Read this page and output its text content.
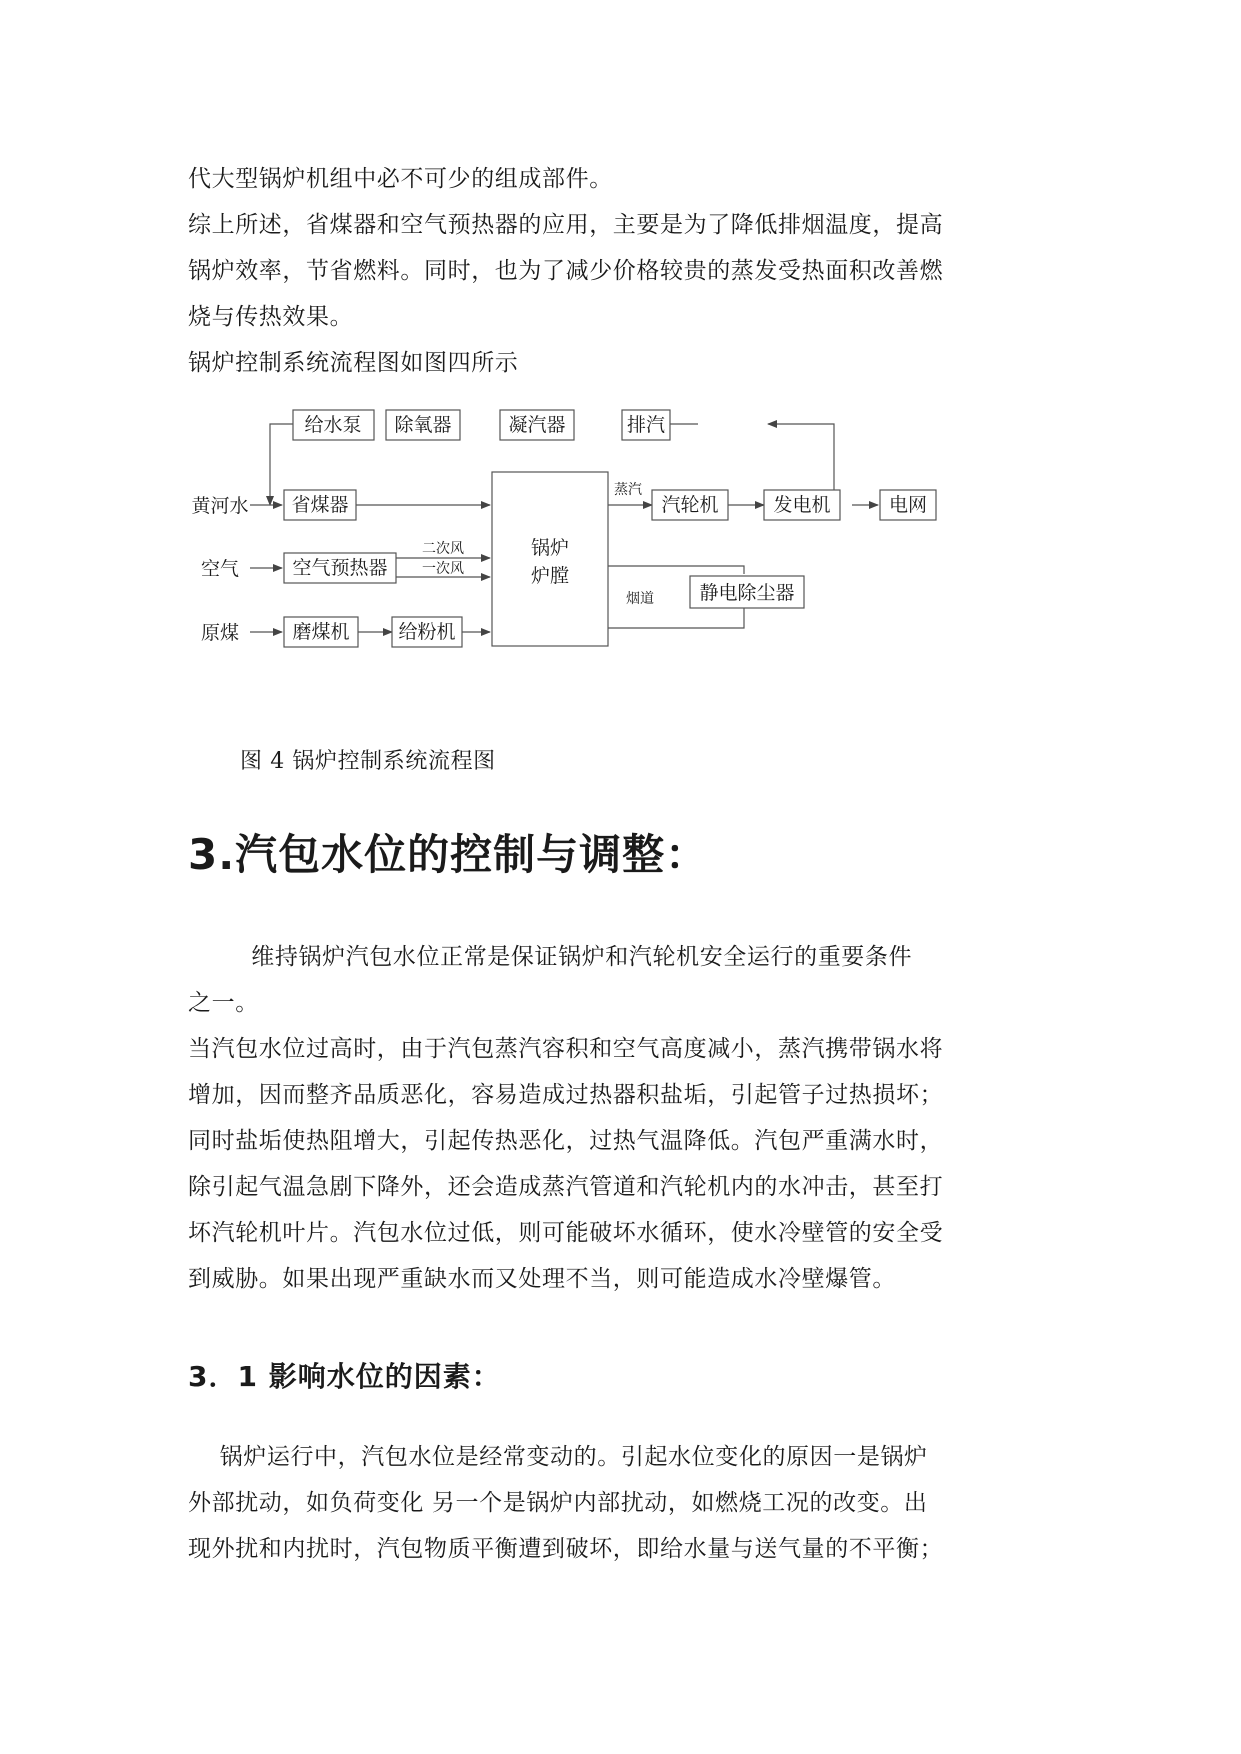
代大型锅炉机组中必不可少的组成部件。
综上所述，省煤器和空气预热器的应用，主要是为了降低排烟温度，提高
锅炉效率，节省燃料。同时，也为了减少价格较贵的蒸发受热面积改善燃
烧与传热效果。
锅炉控制系统流程图如图四所示
给水泵 除氧器	凝汽器	排汽
省煤器
空气预热器
磨煤机	给粉机
锅炉
炉膛
汽轮机	发电机	电网
静电除尘器
黄河水
空气
原煤
蒸汽
二次风
一次风
烟道
图 4 锅炉控制系统流程图
3.汽包水位的控制与调整：
维持锅炉汽包水位正常是保证锅炉和汽轮机安全运行的重要条件
之一。
当汽包水位过高时，由于汽包蒸汽容积和空气高度减小，蒸汽携带锅水将
增加，因而整齐品质恶化，容易造成过热器积盐垢，引起管子过热损坏；
同时盐垢使热阻增大，引起传热恶化，过热气温降低。汽包严重满水时，
除引起气温急剧下降外，还会造成蒸汽管道和汽轮机内的水冲击，甚至打
坏汽轮机叶片。汽包水位过低，则可能破坏水循环，使水冷壁管的安全受
到威胁。如果出现严重缺水而又处理不当，则可能造成水冷壁爆管。
3．1 影响水位的因素：
锅炉运行中，汽包水位是经常变动的。引起水位变化的原因一是锅炉
外部扰动，如负荷变化 另一个是锅炉内部扰动，如燃烧工况的改变。出
现外扰和内扰时，汽包物质平衡遭到破坏，即给水量与送气量的不平衡；
